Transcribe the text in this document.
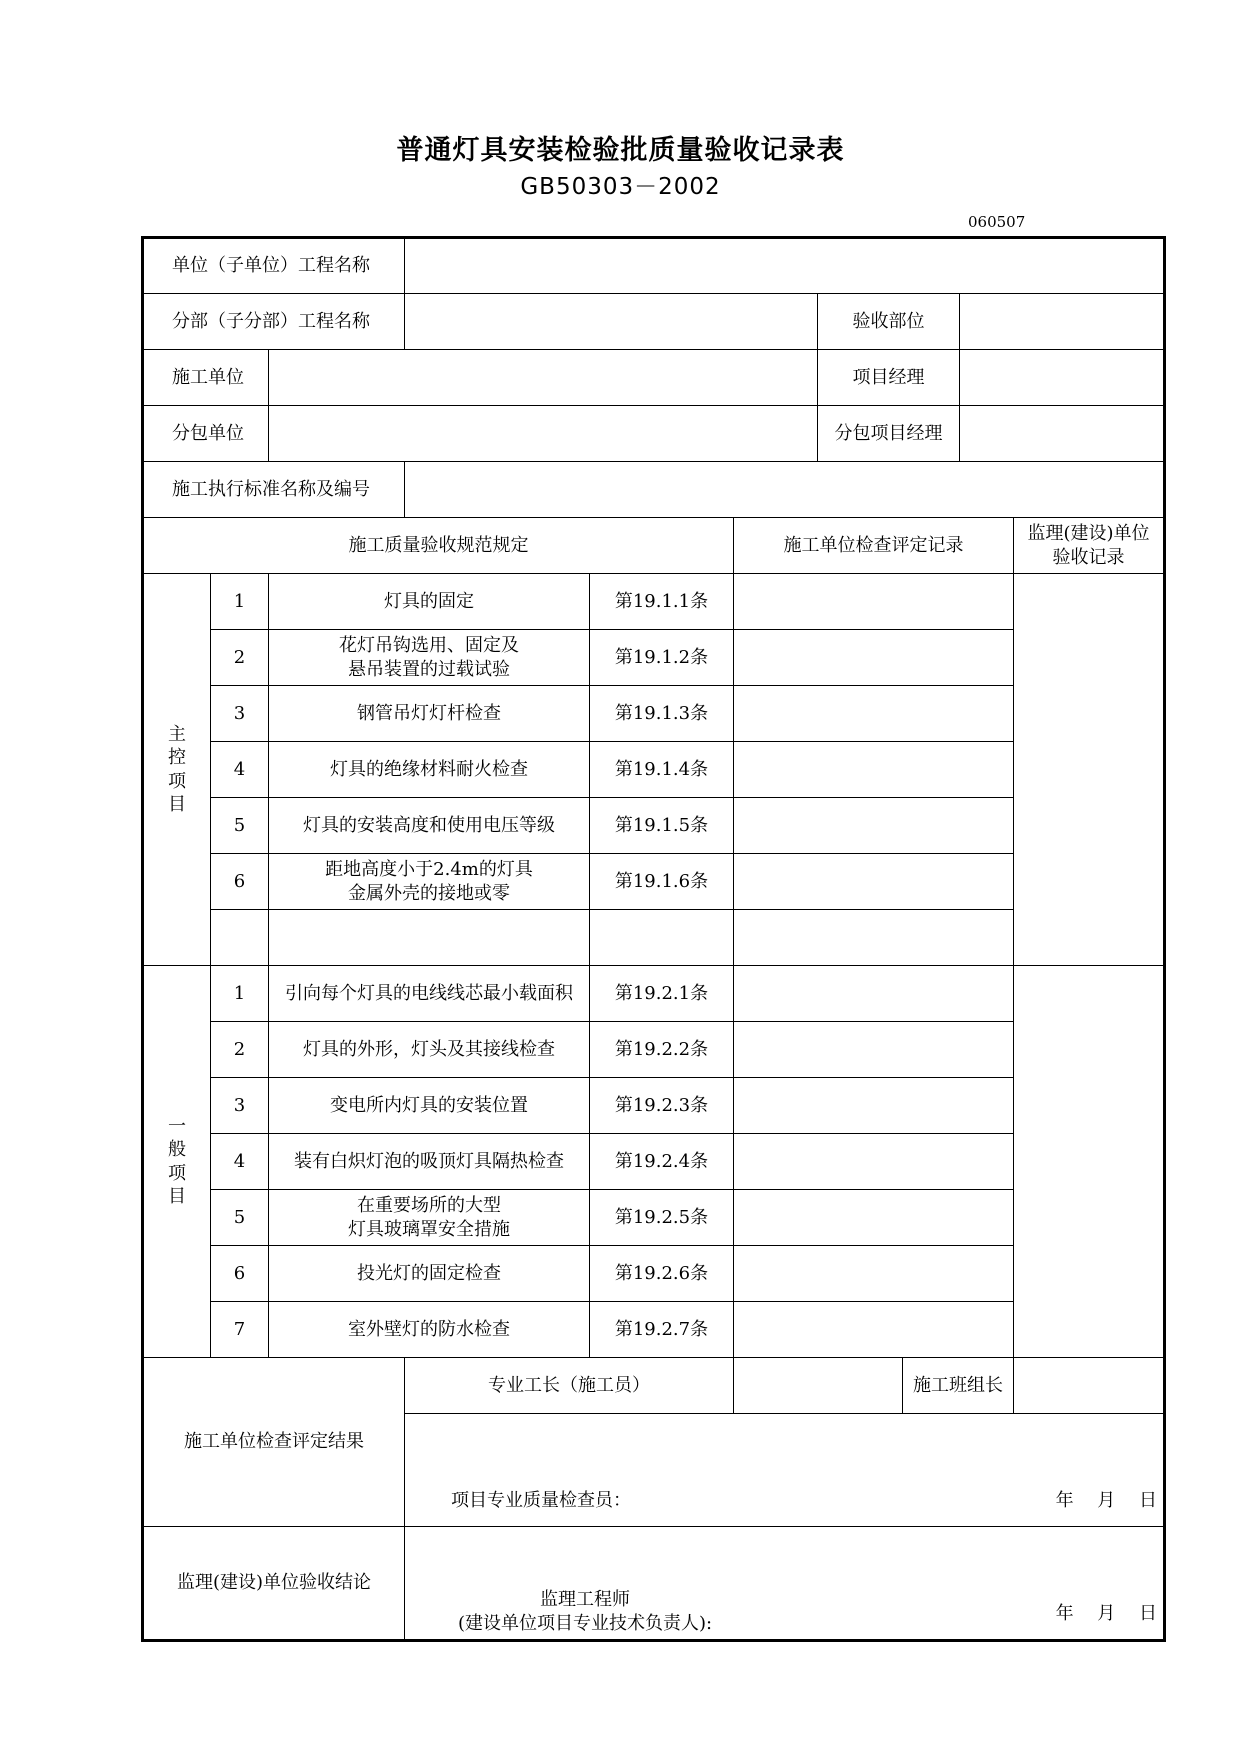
普通灯具安装检验批质量验收记录表
GB50303－2002
060507
单位（子单位）工程名称									
分部（子分部）工程名称						验收部位			
施工单位						项目经理			
分包单位						分包项目经理			
施工执行标准名称及编号									
施工质量验收规范规定					施工单位检查评定记录				监理(建设)单位
验收记录

主
控
项
目	1	灯具的固定		第19.1.1条					
	2	花灯吊钩选用、固定及
悬吊装置的过载试验		第19.1.2条					
	3	钢管吊灯灯杆检查		第19.1.3条					
	4	灯具的绝缘材料耐火检查		第19.1.4条					
	5	灯具的安装高度和使用电压等级		第19.1.5条					
	6	距地高度小于2.4m的灯具
金属外壳的接地或零		第19.1.6条					

一
般
项
目	1	引向每个灯具的电线线芯最小载面积		第19.2.1条					
	2	灯具的外形，灯头及其接线检查		第19.2.2条					
	3	变电所内灯具的安装位置		第19.2.3条					
	4	装有白炽灯泡的吸顶灯具隔热检查		第19.2.4条					
	5	在重要场所的大型
灯具玻璃罩安全措施		第19.2.5条					
	6	投光灯的固定检查		第19.2.6条					
	7	室外壁灯的防水检查		第19.2.7条					
施工单位检查评定结果			专业工长（施工员）				施工班组长		

			项目专业质量检查员： 年 月 日						

监理(建设)单位验收结论			监理工程师
(建设单位项目专业技术负责人): 年 月 日						
